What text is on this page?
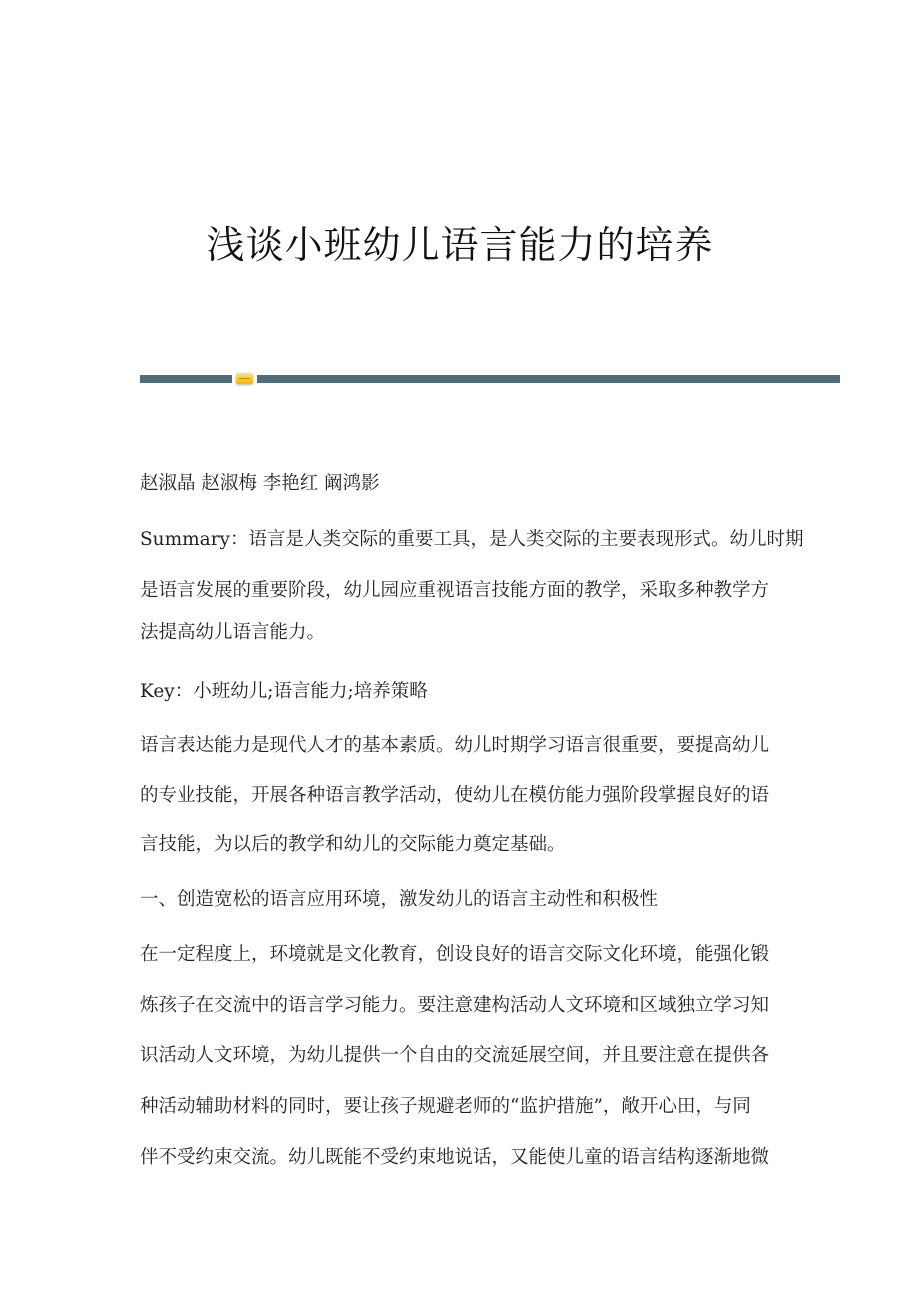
浅谈小班幼儿语言能力的培养
赵淑晶 赵淑梅 李艳红 阚鸿影
Summary：语言是人类交际的重要工具，是人类交际的主要表现形式。幼儿时期
是语言发展的重要阶段，幼儿园应重视语言技能方面的教学，采取多种教学方
法提高幼儿语言能力。
Key：小班幼儿;语言能力;培养策略
语言表达能力是现代人才的基本素质。幼儿时期学习语言很重要，要提高幼儿
的专业技能，开展各种语言教学活动，使幼儿在模仿能力强阶段掌握良好的语
言技能，为以后的教学和幼儿的交际能力奠定基础。
一、创造宽松的语言应用环境，激发幼儿的语言主动性和积极性
在一定程度上，环境就是文化教育，创设良好的语言交际文化环境，能强化锻
炼孩子在交流中的语言学习能力。要注意建构活动人文环境和区域独立学习知
识活动人文环境，为幼儿提供一个自由的交流延展空间，并且要注意在提供各
种活动辅助材料的同时，要让孩子规避老师的“监护措施”，敞开心田，与同
伴不受约束交流。幼儿既能不受约束地说话，又能使儿童的语言结构逐渐地微
